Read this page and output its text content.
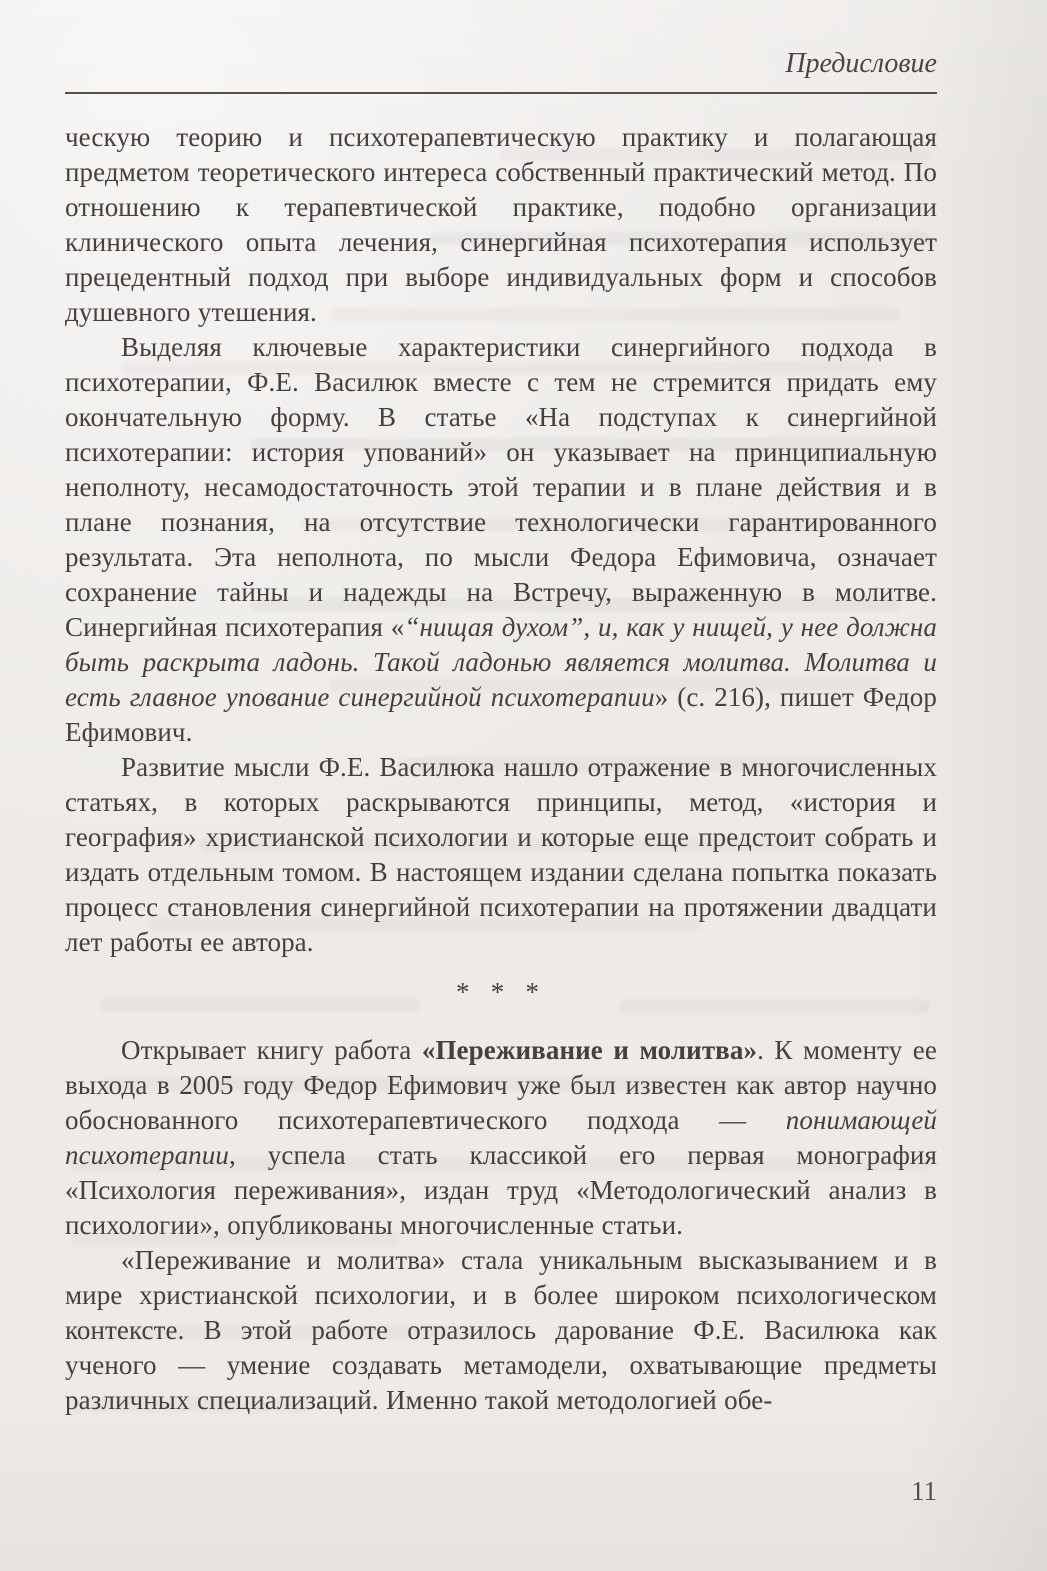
Предисловие

ческую теорию и психотерапевтическую практику и полагающая предметом теоретического интереса собственный практический метод. По отношению к терапевтической практике, подобно организации клинического опыта лечения, синергийная психотерапия использует прецедентный подход при выборе индивидуальных форм и способов душевного утешения.

Выделяя ключевые характеристики синергийного подхода в психотерапии, Ф.Е. Василюк вместе с тем не стремится придать ему окончательную форму. В статье «На подступах к синергийной психотерапии: история упований» он указывает на принципиальную неполноту, несамодостаточность этой терапии и в плане действия и в плане познания, на отсутствие технологически гарантированного результата. Эта неполнота, по мысли Федора Ефимовича, означает сохранение тайны и надежды на Встречу, выраженную в молитве. Синергийная психотерапия «“нищая духом”, и, как у нищей, у нее должна быть раскрыта ладонь. Такой ладонью является молитва. Молитва и есть главное упование синергийной психотерапии» (с. 216), пишет Федор Ефимович.

Развитие мысли Ф.Е. Василюка нашло отражение в многочисленных статьях, в которых раскрываются принципы, метод, «история и география» христианской психологии и которые еще предстоит собрать и издать отдельным томом. В настоящем издании сделана попытка показать процесс становления синергийной психотерапии на протяжении двадцати лет работы ее автора.

* * *

Открывает книгу работа «Переживание и молитва». К моменту ее выхода в 2005 году Федор Ефимович уже был известен как автор научно обоснованного психотерапевтического подхода — понимающей психотерапии, успела стать классикой его первая монография «Психология переживания», издан труд «Методологический анализ в психологии», опубликованы многочисленные статьи.

«Переживание и молитва» стала уникальным высказыванием и в мире христианской психологии, и в более широком психологическом контексте. В этой работе отразилось дарование Ф.Е. Василюка как ученого — умение создавать метамодели, охватывающие предметы различных специализаций. Именно такой методологией обе-

11
